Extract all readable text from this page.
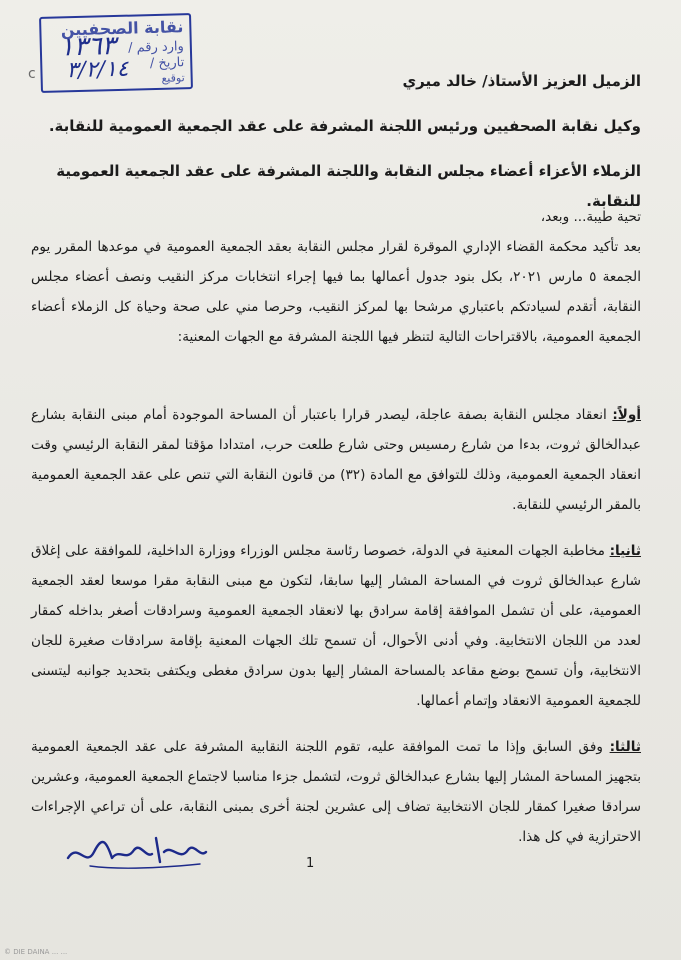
نقابة الصحفيين
وارد رقم /
تاريخ /
توقيع
١٣٦٣
٣/٢/١٤
c	الزميل العزيز الأستاذ/ خالد ميري
وكيل نقابة الصحفيين ورئيس اللجنة المشرفة على عقد الجمعية العمومية للنقابة.
الزملاء الأعزاء أعضاء مجلس النقابة واللجنة المشرفة على عقد الجمعية العمومية للنقابة.
تحية طيبة... وبعد،
بعد تأكيد محكمة القضاء الإداري الموقرة لقرار مجلس النقابة بعقد الجمعية العمومية في موعدها المقرر يوم الجمعة ٥ مارس ٢٠٢١، بكل بنود جدول أعمالها بما فيها إجراء انتخابات مركز النقيب ونصف أعضاء مجلس النقابة، أتقدم لسيادتكم باعتباري مرشحا بها لمركز النقيب، وحرصا مني على صحة وحياة كل الزملاء أعضاء الجمعية العمومية، بالاقتراحات التالية لتنظر فيها اللجنة المشرفة مع الجهات المعنية:
أولاً: انعقاد مجلس النقابة بصفة عاجلة، ليصدر قرارا باعتبار أن المساحة الموجودة أمام مبنى النقابة بشارع عبدالخالق ثروت، بدءا من شارع رمسيس وحتى شارع طلعت حرب، امتدادا مؤقتا لمقر النقابة الرئيسي وقت انعقاد الجمعية العمومية، وذلك للتوافق مع المادة (٣٢) من قانون النقابة التي تنص على عقد الجمعية العمومية بالمقر الرئيسي للنقابة.
ثانيا: مخاطبة الجهات المعنية في الدولة، خصوصا رئاسة مجلس الوزراء ووزارة الداخلية، للموافقة على إغلاق شارع عبدالخالق ثروت في المساحة المشار إليها سابقا، لتكون مع مبنى النقابة مقرا موسعا لعقد الجمعية العمومية، على أن تشمل الموافقة إقامة سرادق بها لانعقاد الجمعية العمومية وسرادقات أصغر بداخله كمقار لعدد من اللجان الانتخابية. وفي أدنى الأحوال، أن تسمح تلك الجهات المعنية بإقامة سرادقات صغيرة للجان الانتخابية، وأن تسمح بوضع مقاعد بالمساحة المشار إليها بدون سرادق مغطى ويكتفى بتحديد جوانبه ليتسنى للجمعية العمومية الانعقاد وإتمام أعمالها.
ثالثا: وفق السابق وإذا ما تمت الموافقة عليه، تقوم اللجنة النقابية المشرفة على عقد الجمعية العمومية بتجهيز المساحة المشار إليها بشارع عبدالخالق ثروت، لتشمل جزءا مناسبا لاجتماع الجمعية العمومية، وعشرين سرادقا صغيرا كمقار للجان الانتخابية تضاف إلى عشرين لجنة أخرى بمبنى النقابة، على أن تراعي الإجراءات الاحترازية في كل هذا.
1
© DIE DAINA ... ...
